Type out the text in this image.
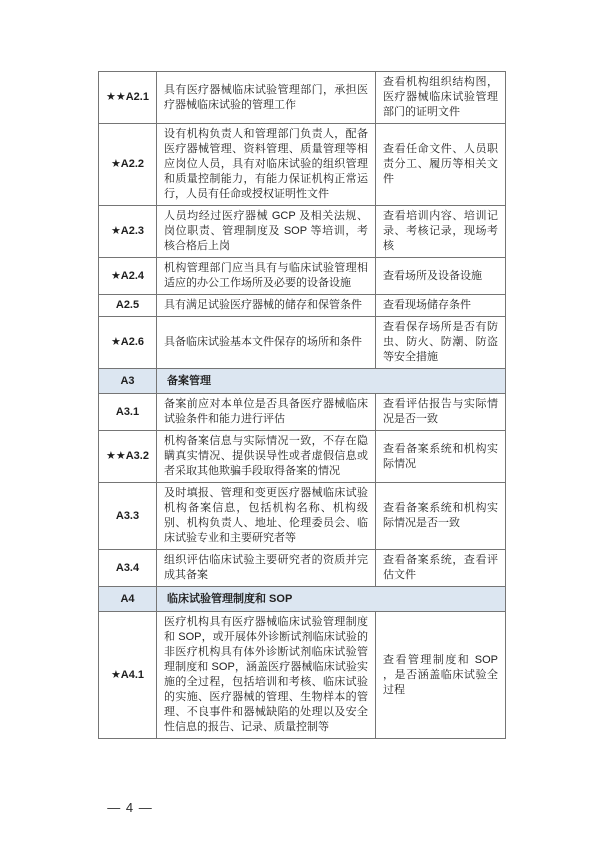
★★A2.1	具有医疗器械临床试验管理部门，承担医疗器械临床试验的管理工作	查看机构组织结构图，医疗器械临床试验管理部门的证明文件
★A2.2	设有机构负责人和管理部门负责人，配备医疗器械管理、资料管理、质量管理等相应岗位人员，具有对临床试验的组织管理和质量控制能力，有能力保证机构正常运行，人员有任命或授权证明性文件	查看任命文件、人员职责分工、履历等相关文件
★A2.3	人员均经过医疗器械 GCP 及相关法规、岗位职责、管理制度及 SOP 等培训，考核合格后上岗	查看培训内容、培训记录、考核记录，现场考核
★A2.4	机构管理部门应当具有与临床试验管理相适应的办公工作场所及必要的设备设施	查看场所及设备设施
A2.5	具有满足试验医疗器械的储存和保管条件	查看现场储存条件
★A2.6	具备临床试验基本文件保存的场所和条件	查看保存场所是否有防虫、防火、防潮、防盗等安全措施
A3	备案管理	
A3.1	备案前应对本单位是否具备医疗器械临床试验条件和能力进行评估	查看评估报告与实际情况是否一致
★★A3.2	机构备案信息与实际情况一致，不存在隐瞒真实情况、提供误导性或者虚假信息或者采取其他欺骗手段取得备案的情况	查看备案系统和机构实际情况
A3.3	及时填报、管理和变更医疗器械临床试验机构备案信息，包括机构名称、机构级别、机构负责人、地址、伦理委员会、临床试验专业和主要研究者等	查看备案系统和机构实际情况是否一致
A3.4	组织评估临床试验主要研究者的资质并完成其备案	查看备案系统，查看评估文件
A4	临床试验管理制度和 SOP	
★A4.1	医疗机构具有医疗器械临床试验管理制度和 SOP，或开展体外诊断试剂临床试验的非医疗机构具有体外诊断试剂临床试验管理制度和 SOP，涵盖医疗器械临床试验实施的全过程，包括培训和考核、临床试验的实施、医疗器械的管理、生物样本的管理、不良事件和器械缺陷的处理以及安全性信息的报告、记录、质量控制等	查看管理制度和 SOP ，是否涵盖临床试验全过程
— 4 —
